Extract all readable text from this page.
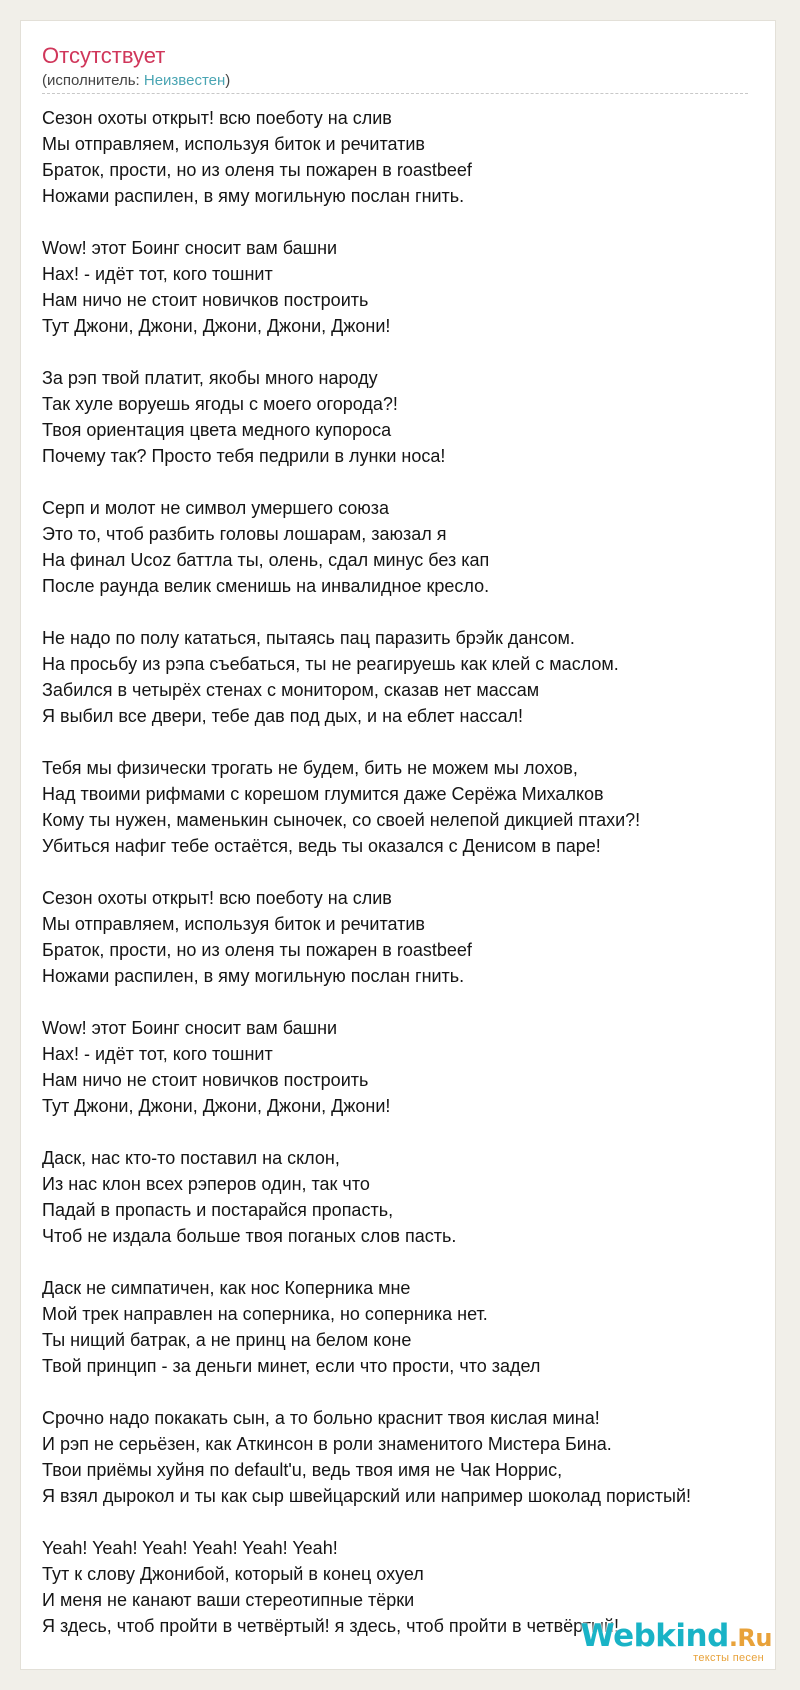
Отсутствует
(исполнитель: Неизвестен)
Сезон охоты открыт! всю поеботу на слив
Мы отправляем, используя биток и речитатив
Браток, прости, но из оленя ты пожарен в roastbeef
Ножами распилен, в яму могильную послан гнить.
Wow! этот Боинг сносит вам башни
Нах! - идёт тот, кого тошнит
Нам ничо не стоит новичков построить
Тут Джони, Джони, Джони, Джони, Джони!
За рэп твой платит, якобы много народу
Так хуле воруешь ягоды с моего огорода?!
Твоя ориентация цвета медного купороса
Почему так? Просто тебя педрили в лунки носа!
Серп и молот не символ умершего союза
Это то, чтоб разбить головы лошарам, заюзал я
На финал Ucoz баттла ты, олень, сдал минус без кап
После раунда велик сменишь на инвалидное кресло.
Не надо по полу кататься, пытаясь пац паразить брэйк дансом.
На просьбу из рэпа съебаться, ты не реагируешь как клей с маслом.
Забился в четырёх стенах с монитором, сказав нет массам
Я выбил все двери, тебе дав под дых, и на еблет нассал!
Тебя мы физически трогать не будем, бить не можем мы лохов,
Над твоими рифмами с корешом глумится даже Серёжа Михалков
Кому ты нужен, маменькин сыночек, со своей нелепой дикцией птахи?!
Убиться нафиг тебе остаётся, ведь ты оказался с Денисом в паре!
Сезон охоты открыт! всю поеботу на слив
Мы отправляем, используя биток и речитатив
Браток, прости, но из оленя ты пожарен в roastbeef
Ножами распилен, в яму могильную послан гнить.
Wow! этот Боинг сносит вам башни
Нах! - идёт тот, кого тошнит
Нам ничо не стоит новичков построить
Тут Джони, Джони, Джони, Джони, Джони!
Даск, нас кто-то поставил на склон,
Из нас клон всех рэперов один, так что
Падай в пропасть и постарайся пропасть,
Чтоб не издала больше твоя поганых слов пасть.
Даск не симпатичен, как нос Коперника мне
Мой трек направлен на соперника, но соперника нет.
Ты нищий батрак, а не принц на белом коне
Твой принцип - за деньги минет, если что прости, что задел
Срочно надо покакать сын, а то больно краснит твоя кислая мина!
И рэп не серьёзен, как Аткинсон в роли знаменитого Мистера Бина.
Твои приёмы хуйня по default'u, ведь твоя имя не Чак Норрис,
Я взял дырокол и ты как сыр швейцарский или например шоколад пористый!
Yeah! Yeah! Yeah! Yeah! Yeah! Yeah!
Тут к слову Джонибой, который в конец охуел
И меня не канают ваши стереотипные тёрки
Я здесь, чтоб пройти в четвёртый! я здесь, чтоб пройти в четвёртый!
Webkind.Ru
тексты песен
